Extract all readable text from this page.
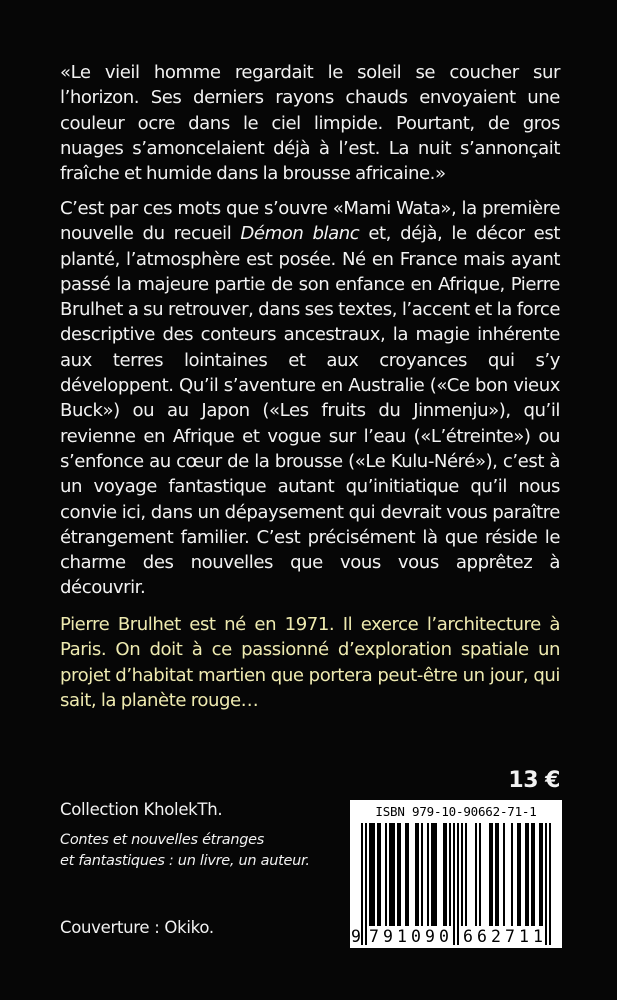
«Le vieil homme regardait le soleil se coucher sur l’horizon. Ses derniers rayons chauds envoyaient une couleur ocre dans le ciel limpide. Pourtant, de gros nuages s’amoncelaient déjà à l’est. La nuit s’annonçait fraîche et humide dans la brousse africaine.»

C’est par ces mots que s’ouvre «Mami Wata», la première nouvelle du recueil Démon blanc et, déjà, le décor est planté, l’atmosphère est posée. Né en France mais ayant passé la majeure partie de son enfance en Afrique, Pierre Brulhet a su retrouver, dans ses textes, l’accent et la force descriptive des conteurs ancestraux, la magie inhérente aux terres lointaines et aux croyances qui s’y développent. Qu’il s’aventure en Australie («Ce bon vieux Buck») ou au Japon («Les fruits du Jinmenju»), qu’il revienne en Afrique et vogue sur l’eau («L’étreinte») ou s’enfonce au cœur de la brousse («Le Kulu-Néré»), c’est à un voyage fantastique autant qu’initiatique qu’il nous convie ici, dans un dépaysement qui devrait vous paraître étrangement familier. C’est précisément là que réside le charme des nouvelles que vous vous apprêtez à découvrir.

Pierre Brulhet est né en 1971. Il exerce l’architecture à Paris. On doit à ce passionné d’exploration spatiale un projet d’habitat martien que portera peut-être un jour, qui sait, la planète rouge…

13 €
Collection KholekTh.
Contes et nouvelles étranges
et fantastiques : un livre, un auteur.
Couverture : Okiko.
ISBN 979-10-90662-71-1
9 7 9 1 0 9 0 6 6 2 7 1 1
